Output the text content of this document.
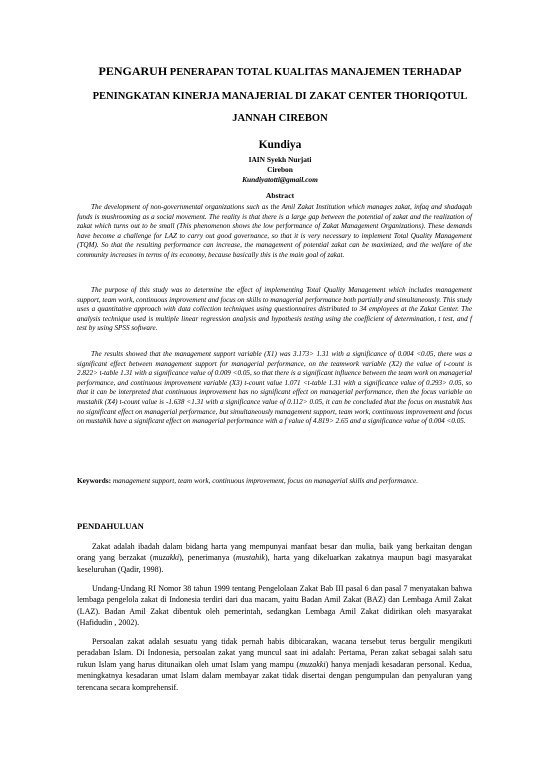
PENGARUH PENERAPAN TOTAL KUALITAS MANAJEMEN TERHADAP
PENINGKATAN KINERJA MANAJERIAL DI ZAKAT CENTER THORIQOTUL
JANNAH CIREBON
Kundiya
IAIN Syekh Nurjati
Cirebon
Kundiyatotti@gmail.com
Abstract

The development of non-governmental organizations such as the Amil Zakat Institution which manages zakat, infaq and shadaqah funds is mushrooming as a social movement. The reality is that there is a large gap between the potential of zakat and the realization of zakat which turns out to be small (This phenomenon shows the low performance of Zakat Management Organizations). These demands have become a challenge for LAZ to carry out good governance, so that it is very necessary to implement Total Quality Management (TQM). So that the resulting performance can increase, the management of potential zakat can be maximized, and the welfare of the community increases in terms of its economy, because basically this is the main goal of zakat.

The purpose of this study was to determine the effect of implementing Total Quality Management which includes management support, team work, continuous improvement and focus on skills to managerial performance both partially and simultaneously. This study uses a quantitative approach with data collection techniques using questionnaires distributed to 34 employees at the Zakat Center. The analysis technique used is multiple linear regression analysis and hypothesis testing using the coefficient of determination, t test, and f test by using SPSS software.

The results showed that the management support variable (X1) was 3.173> 1.31 with a significance of 0.004 <0.05, there was a significant effect between management support for managerial performance, on the teamwork variable (X2) the value of t-count is 2.822> t-table 1.31 with a significance value of 0.009 <0.05, so that there is a significant influence between the team work on managerial performance, and continuous improvement variable (X3) t-count value 1.071 <t-table 1.31 with a significance value of 0.293> 0.05, so that it can be interpreted that continuous improvement has no significant effect on managerial performance, then the focus variable on mustahik (X4) t-count value is -1.638 <1.31 with a significance value of 0.112> 0.05, it can be concluded that the focus on mustahik has no significant effect on managerial performance, but simultaneously management support, team work, continuous improvement and focus on mustahik have a significant effect on managerial performance with a f value of 4.819> 2.65 and a significance value of 0.004 <0.05.

Keywords: management support, team work, continuous improvement, focus on managerial skills and performance.

PENDAHULUAN

Zakat adalah ibadah dalam bidang harta yang mempunyai manfaat besar dan mulia, baik yang berkaitan dengan orang yang berzakat (muzakki), penerimanya (mustahik), harta yang dikeluarkan zakatnya maupun bagi masyarakat keseluruhan (Qadir, 1998).

Undang-Undang RI Nomor 38 tahun 1999 tentang Pengelolaan Zakat Bab III pasal 6 dan pasal 7 menyatakan bahwa lembaga pengelola zakat di Indonesia terdiri dari dua macam, yaitu Badan Amil Zakat (BAZ) dan Lembaga Amil Zakat (LAZ). Badan Amil Zakat dibentuk oleh pemerintah, sedangkan Lembaga Amil Zakat didirikan oleh masyarakat (Hafidudin , 2002).

Persoalan zakat adalah sesuatu yang tidak pernah habis dibicarakan, wacana tersebut terus bergulir mengikuti peradaban Islam. Di Indonesia, persoalan zakat yang muncul saat ini adalah: Pertama, Peran zakat sebagai salah satu rukun Islam yang harus ditunaikan oleh umat Islam yang mampu (muzakki) hanya menjadi kesadaran personal. Kedua, meningkatnya kesadaran umat Islam dalam membayar zakat tidak disertai dengan pengumpulan dan penyaluran yang terencana secara komprehensif.
